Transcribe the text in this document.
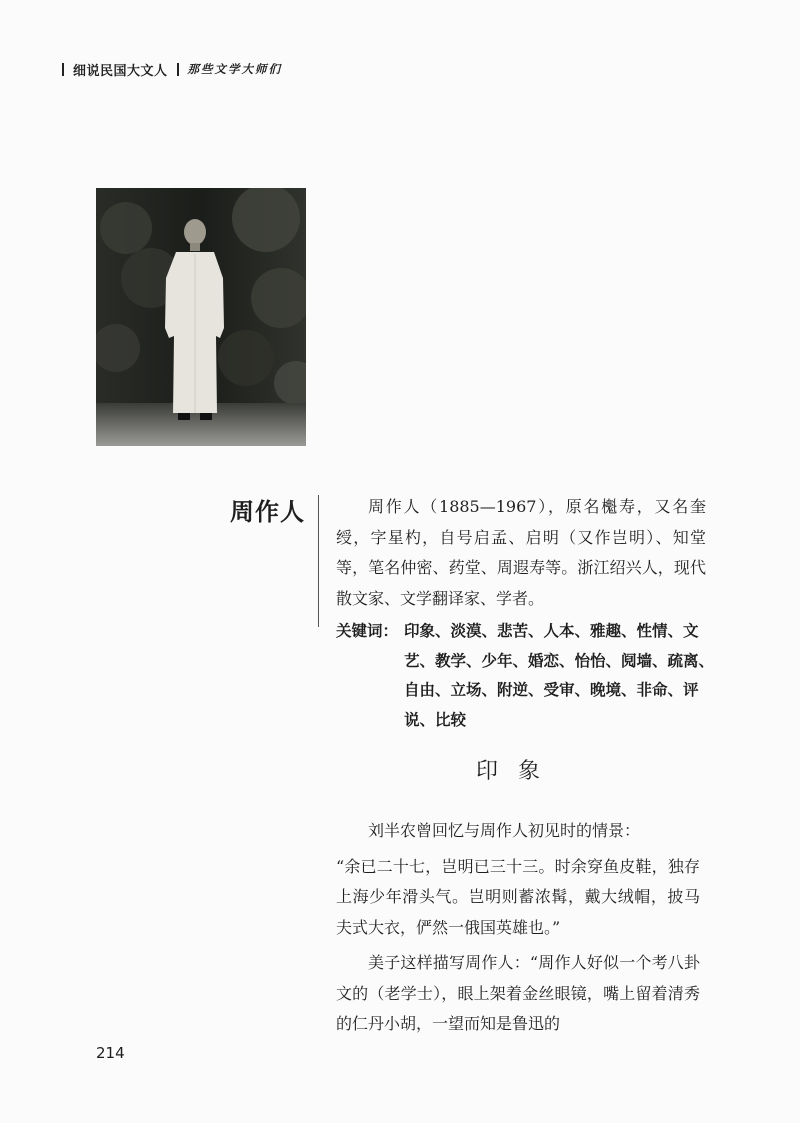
细说民国大文人 那些文学大师们
周作人	周作人（1885—1967），原名櫆寿，又名奎绶，字星杓，自号启孟、启明（又作岂明）、知堂等，笔名仲密、药堂、周遐寿等。浙江绍兴人，现代散文家、文学翻译家、学者。

关键词： 印象、淡漠、悲苦、人本、雅趣、性情、文艺、教学、少年、婚恋、怡怡、阋墙、疏离、自由、立场、附逆、受审、晚境、非命、评说、比较
印象

刘半农曾回忆与周作人初见时的情景：

“余已二十七，岂明已三十三。时余穿鱼皮鞋，独存上海少年滑头气。岂明则蓄浓髯，戴大绒帽，披马夫式大衣，俨然一俄国英雄也。”

美子这样描写周作人：“周作人好似一个考八卦文的（老学士），眼上架着金丝眼镜，嘴上留着清秀的仁丹小胡，一望而知是鲁迅的

214
